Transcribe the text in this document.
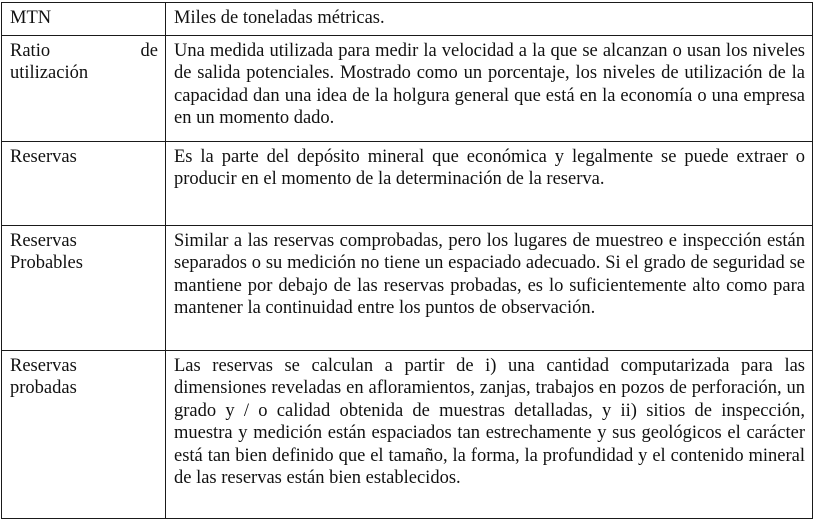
MTN	Miles de toneladas métricas.

Ratio de
utilización	Una medida utilizada para medir la velocidad a la que se alcanzan o usan los niveles de salida potenciales. Mostrado como un porcentaje, los niveles de utilización de la capacidad dan una idea de la holgura general que está en la economía o una empresa en un momento dado.
Reservas	Es la parte del depósito mineral que económica y legalmente se puede extraer o producir en el momento de la determinación de la reserva.

Reservas
Probables	Similar a las reservas comprobadas, pero los lugares de muestreo e inspección están separados o su medición no tiene un espaciado adecuado. Si el grado de seguridad se mantiene por debajo de las reservas probadas, es lo suficientemente alto como para mantener la continuidad entre los puntos de observación.

Reservas
probadas	Las reservas se calculan a partir de i) una cantidad computarizada para las dimensiones reveladas en afloramientos, zanjas, trabajos en pozos de perforación, un grado y / o calidad obtenida de muestras detalladas, y ii) sitios de inspección, muestra y medición están espaciados tan estrechamente y sus geológicos el carácter está tan bien definido que el tamaño, la forma, la profundidad y el contenido mineral de las reservas están bien establecidos.
